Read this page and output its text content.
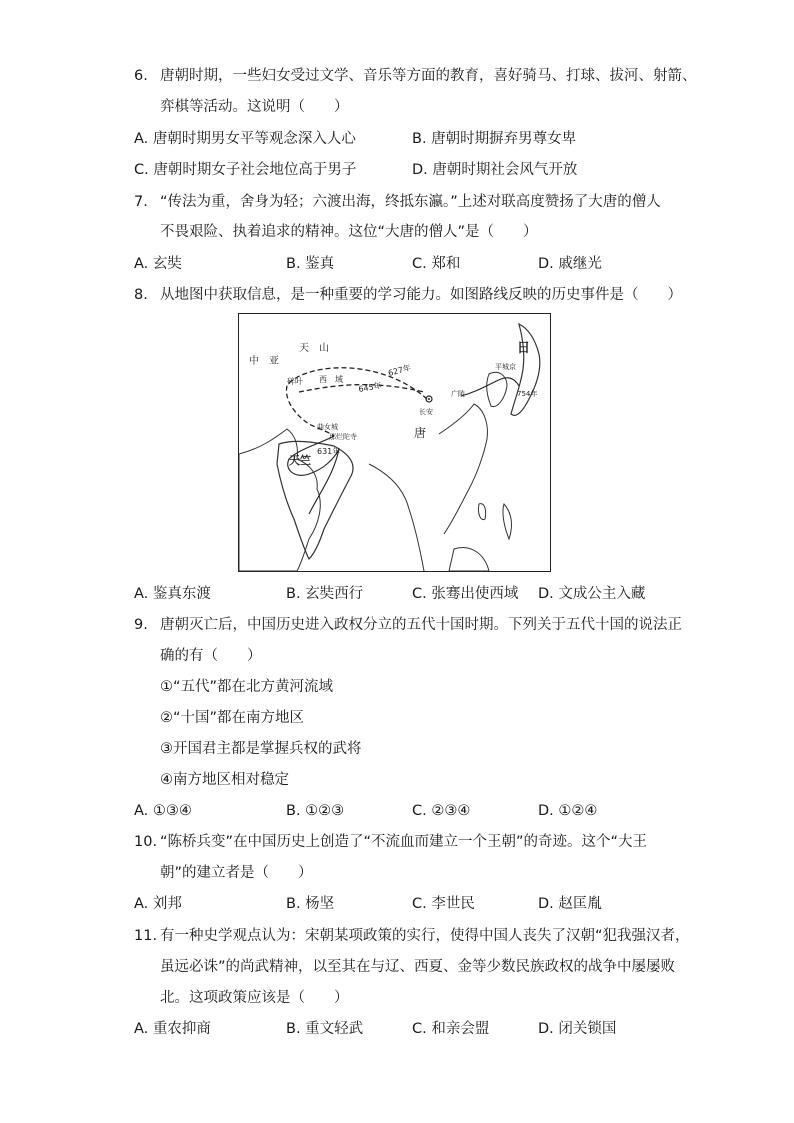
6. 唐朝时期，一些妇女受过文学、音乐等方面的教育，喜好骑马、打球、拔河、射箭、
弈棋等活动。这说明（　　）
A. 唐朝时期男女平等观念深入人心	B. 唐朝时期摒弃男尊女卑
C. 唐朝时期女子社会地位高于男子	D. 唐朝时期社会风气开放
7. “传法为重，舍身为轻；六渡出海，终抵东瀛。”上述对联高度赞扬了大唐的僧人
不畏艰险、执着追求的精神。这位“大唐的僧人”是（　　）
A. 玄奘	B. 鉴真	C. 郑和	D. 戚继光
8. 从地图中获取信息，是一种重要的学习能力。如图路线反映的历史事件是（　　）
中　亚
天　山
碎叶 西　域
627年
645年
长安
广陵
唐
日
曲女城
那烂陀寺
天竺
631年
754年
平城京
A. 鉴真东渡	B. 玄奘西行	C. 张骞出使西域 D. 文成公主入藏
9. 唐朝灭亡后，中国历史进入政权分立的五代十国时期。下列关于五代十国的说法正
确的有（　　）
①“五代”都在北方黄河流域
②“十国”都在南方地区
③开国君主都是掌握兵权的武将
④南方地区相对稳定
A. ①③④	B. ①②③	C. ②③④	D. ①②④
10. “陈桥兵变”在中国历史上创造了“不流血而建立一个王朝”的奇迹。这个“大王
朝”的建立者是（　　）
A. 刘邦	B. 杨坚	C. 李世民	D. 赵匡胤
11. 有一种史学观点认为：宋朝某项政策的实行，使得中国人丧失了汉朝“犯我强汉者，
虽远必诛”的尚武精神，以至其在与辽、西夏、金等少数民族政权的战争中屡屡败
北。这项政策应该是（　　）
A. 重农抑商	B. 重文轻武	C. 和亲会盟	D. 闭关锁国
